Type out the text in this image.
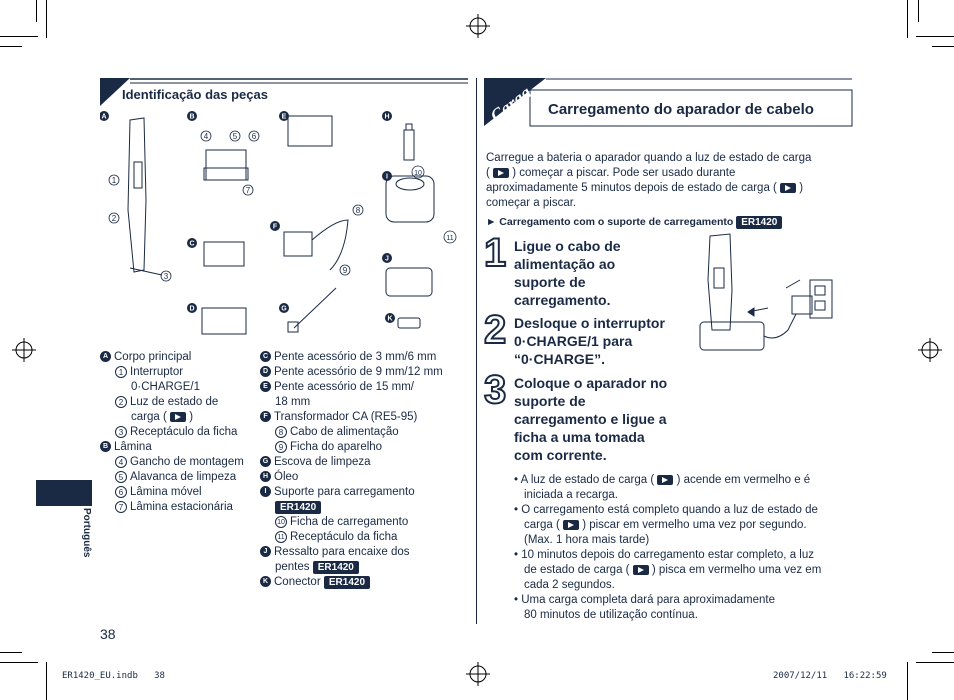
Identificação das peças
A	B
C
D
E
F
G
H
I
J
K
1
2
3
4	5 6
7
8
9
10
11
A Corpo principal
1 Interruptor
0·CHARGE/1
2 Luz de estado de
carga ( )
3 Receptáculo da ficha
B Lâmina
4 Gancho de montagem
5 Alavanca de limpeza
6 Lâmina móvel
7 Lâmina estacionária
C Pente acessório de 3 mm/6 mm
D Pente acessório de 9 mm/12 mm
E Pente acessório de 15 mm/
18 mm
F Transformador CA (RE5-95)
8 Cabo de alimentação
9 Ficha do aparelho
G Escova de limpeza
H Óleo
I Suporte para carregamento
ER1420
10 Ficha de carregamento
11 Receptáculo da ficha
J Ressalto para encaixe dos
pentes ER1420
K Conector ER1420
Português
38
Carga Carregamento do aparador de cabelo
Carregue a bateria o aparador quando a luz de estado de carga
( ) começar a piscar. Pode ser usado durante
aproximadamente 5 minutos depois de estado de carga ( )
começar a piscar.
► Carregamento com o suporte de carregamento ER1420
1 Ligue o cabo de
alimentação ao
suporte de
carregamento.
2 Desloque o interruptor
0·CHARGE/1 para
“0·CHARGE”.
3 Coloque o aparador no
suporte de
carregamento e ligue a
ficha a uma tomada
com corrente.
• A luz de estado de carga ( ) acende em vermelho e é
iniciada a recarga.
• O carregamento está completo quando a luz de estado de
carga ( ) piscar em vermelho uma vez por segundo.
(Max. 1 hora mais tarde)
• 10 minutos depois do carregamento estar completo, a luz
de estado de carga ( ) pisca em vermelho uma vez em
cada 2 segundos.
• Uma carga completa dará para aproximadamente
80 minutos de utilização contínua.
ER1420_EU.indb   38	2007/12/11   16:22:59
